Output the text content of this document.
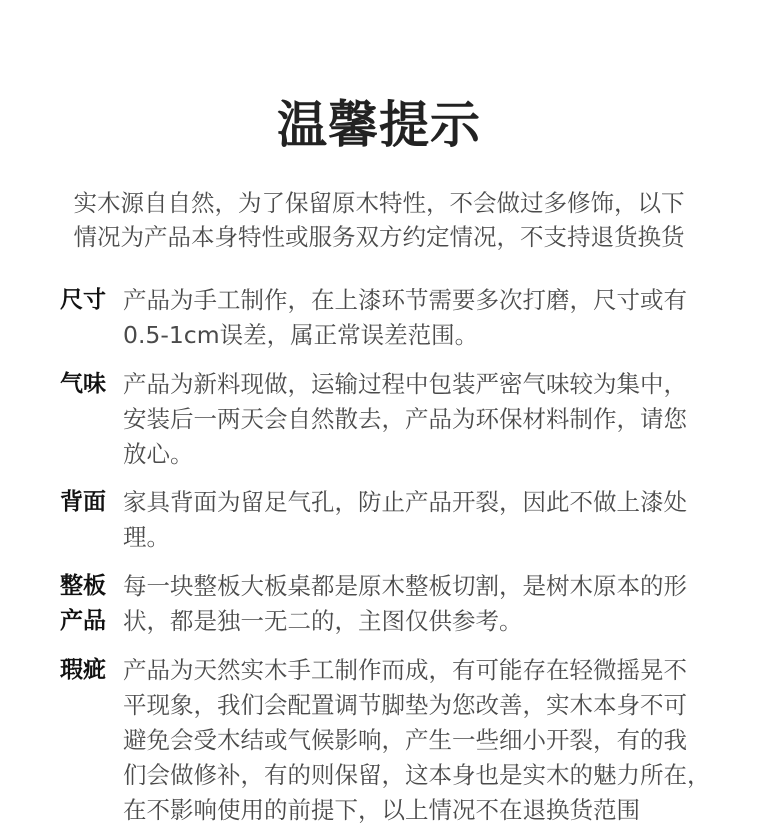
温馨提示
实木源自自然，为了保留原木特性，不会做过多修饰，以下
情况为产品本身特性或服务双方约定情况，不支持退货换货
尺寸 产品为手工制作，在上漆环节需要多次打磨，尺寸或有
0.5-1cm误差，属正常误差范围。
气味 产品为新料现做，运输过程中包装严密气味较为集中，
安装后一两天会自然散去，产品为环保材料制作，请您
放心。
背面 家具背面为留足气孔，防止产品开裂，因此不做上漆处
理。
整板
产品
每一块整板大板桌都是原木整板切割，是树木原本的形
状，都是独一无二的，主图仅供参考。
瑕疵 产品为天然实木手工制作而成，有可能存在轻微摇晃不
平现象，我们会配置调节脚垫为您改善，实木本身不可
避免会受木结或气候影响，产生一些细小开裂，有的我
们会做修补，有的则保留，这本身也是实木的魅力所在，
在不影响使用的前提下，以上情况不在退换货范围
